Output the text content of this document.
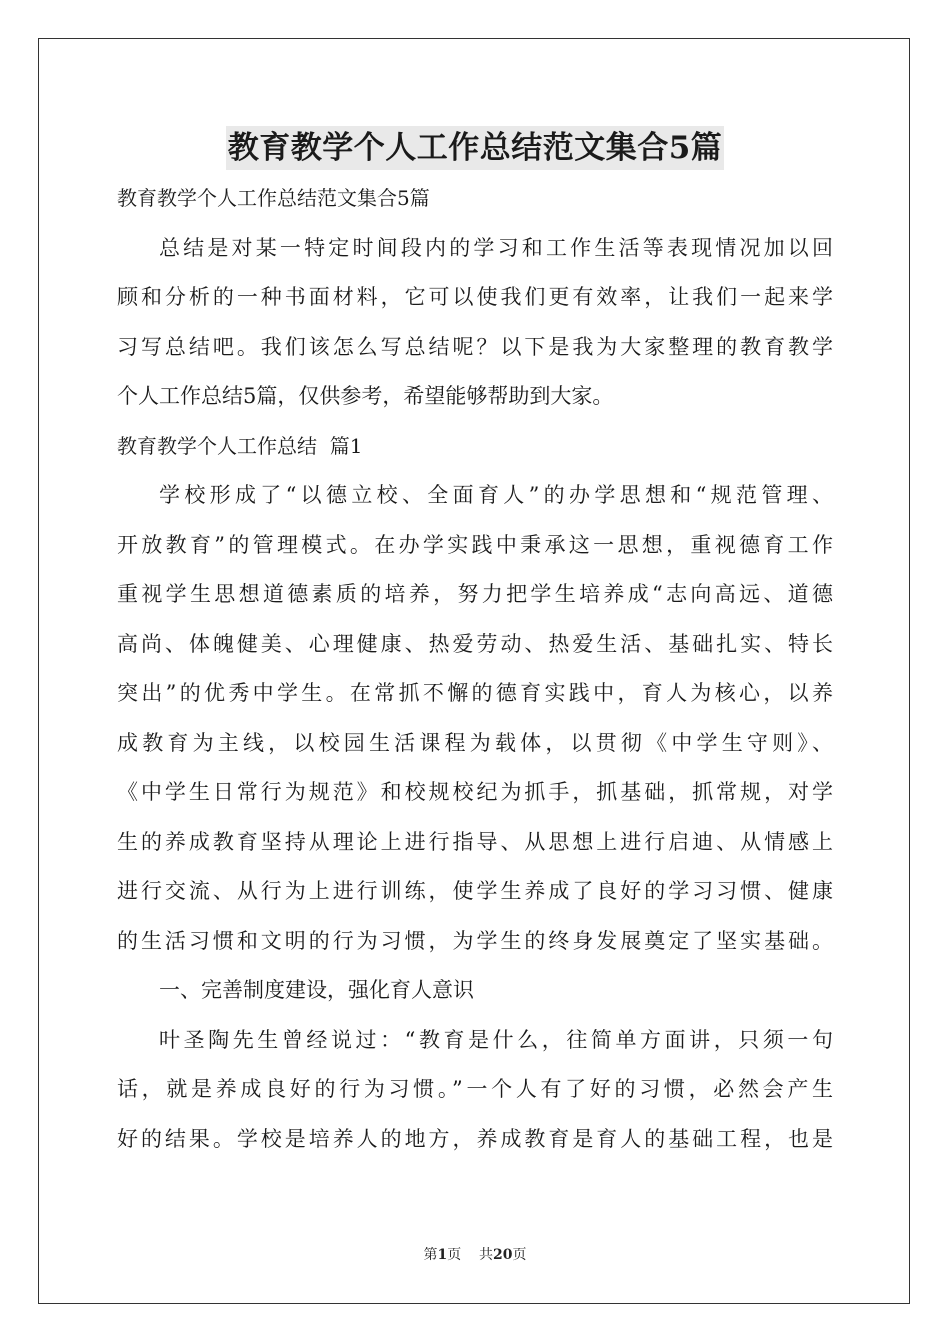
教育教学个人工作总结范文集合5篇
教育教学个人工作总结范文集合5篇
总结是对某一特定时间段内的学习和工作生活等表现情况加以回
顾和分析的一种书面材料，它可以使我们更有效率，让我们一起来学
习写总结吧。我们该怎么写总结呢？以下是我为大家整理的教育教学
个人工作总结5篇，仅供参考，希望能够帮助到大家。
教育教学个人工作总结  篇1
学校形成了“以德立校、全面育人”的办学思想和“规范管理、
开放教育”的管理模式。在办学实践中秉承这一思想，重视德育工作
重视学生思想道德素质的培养，努力把学生培养成“志向高远、道德
高尚、体魄健美、心理健康、热爱劳动、热爱生活、基础扎实、特长
突出”的优秀中学生。在常抓不懈的德育实践中，育人为核心，以养
成教育为主线，以校园生活课程为载体，以贯彻《中学生守则》、
《中学生日常行为规范》和校规校纪为抓手，抓基础，抓常规，对学
生的养成教育坚持从理论上进行指导、从思想上进行启迪、从情感上
进行交流、从行为上进行训练，使学生养成了良好的学习习惯、健康
的生活习惯和文明的行为习惯，为学生的终身发展奠定了坚实基础。
一、完善制度建设，强化育人意识
叶圣陶先生曾经说过：“教育是什么，往简单方面讲，只须一句
话，就是养成良好的行为习惯。”一个人有了好的习惯，必然会产生
好的结果。学校是培养人的地方，养成教育是育人的基础工程，也是
第1页    共20页
